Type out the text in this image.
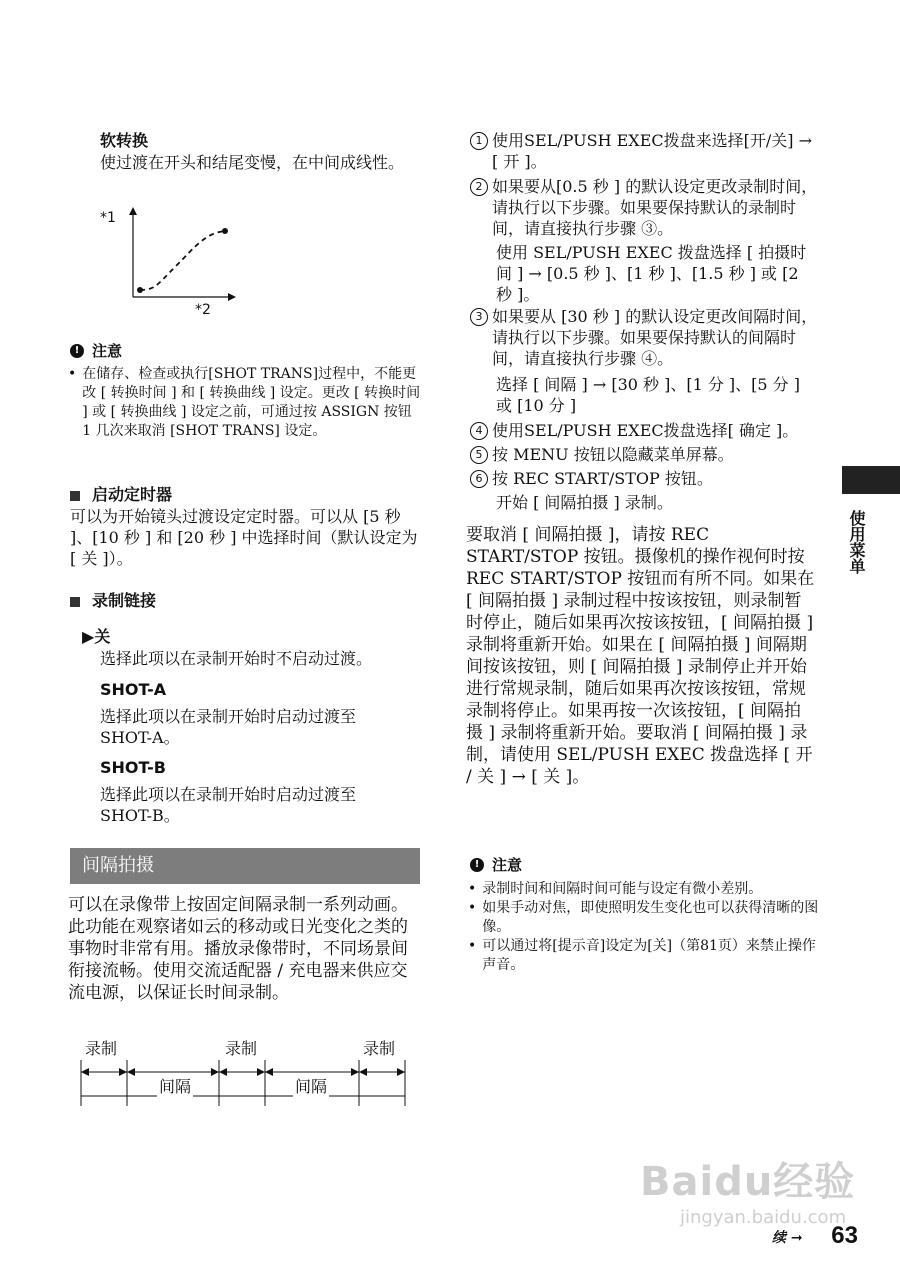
软转换
使过渡在开头和结尾变慢，在中间成线性。
*1
*2
! 注意
• 在储存、检查或执行[SHOT TRANS]过程中，不能更改 [ 转换时间 ] 和 [ 转换曲线 ] 设定。更改 [ 转换时间 ] 或 [ 转换曲线 ] 设定之前，可通过按 ASSIGN 按钮 1 几次来取消 [SHOT TRANS] 设定。
启动定时器
可以为开始镜头过渡设定定时器。可以从 [5 秒 ]、[10 秒 ] 和 [20 秒 ] 中选择时间（默认设定为 [ 关 ]）。
录制链接
▶关
选择此项以在录制开始时不启动过渡。
SHOT-A
选择此项以在录制开始时启动过渡至SHOT-A。
SHOT-B
选择此项以在录制开始时启动过渡至SHOT-B。
间隔拍摄
可以在录像带上按固定间隔录制一系列动画。此功能在观察诸如云的移动或日光变化之类的事物时非常有用。播放录像带时，不同场景间衔接流畅。使用交流适配器 / 充电器来供应交流电源，以保证长时间录制。
录制	录制	录制
间隔	间隔
1 使用SEL/PUSH EXEC拨盘来选择[开/关] → [ 开 ]。
2 如果要从[0.5 秒 ] 的默认设定更改录制时间，请执行以下步骤。如果要保持默认的录制时间，请直接执行步骤 ③。
使用 SEL/PUSH EXEC 拨盘选择 [ 拍摄时间 ] → [0.5 秒 ]、[1 秒 ]、[1.5 秒 ] 或 [2 秒 ]。
3 如果要从 [30 秒 ] 的默认设定更改间隔时间，请执行以下步骤。如果要保持默认的间隔时间，请直接执行步骤 ④。
选择 [ 间隔 ] → [30 秒 ]、[1 分 ]、[5 分 ] 或 [10 分 ]
4 使用SEL/PUSH EXEC拨盘选择[ 确定 ]。
5 按 MENU 按钮以隐藏菜单屏幕。
6 按 REC START/STOP 按钮。
开始 [ 间隔拍摄 ] 录制。
要取消 [ 间隔拍摄 ]，请按 REC START/STOP 按钮。摄像机的操作视何时按 REC START/STOP 按钮而有所不同。如果在 [ 间隔拍摄 ] 录制过程中按该按钮，则录制暂时停止，随后如果再次按该按钮，[ 间隔拍摄 ] 录制将重新开始。如果在 [ 间隔拍摄 ] 间隔期间按该按钮，则 [ 间隔拍摄 ] 录制停止并开始进行常规录制，随后如果再次按该按钮，常规录制将停止。如果再按一次该按钮，[ 间隔拍摄 ] 录制将重新开始。要取消 [ 间隔拍摄 ] 录制，请使用 SEL/PUSH EXEC 拨盘选择 [ 开 / 关 ] → [ 关 ]。
! 注意
• 录制时间和间隔时间可能与设定有微小差别。
• 如果手动对焦，即使照明发生变化也可以获得清晰的图像。
• 可以通过将[提示音]设定为[关]（第81页）来禁止操作声音。
使用菜单
Baidu经验
jingyan.baidu.com
续 ➞ 63
